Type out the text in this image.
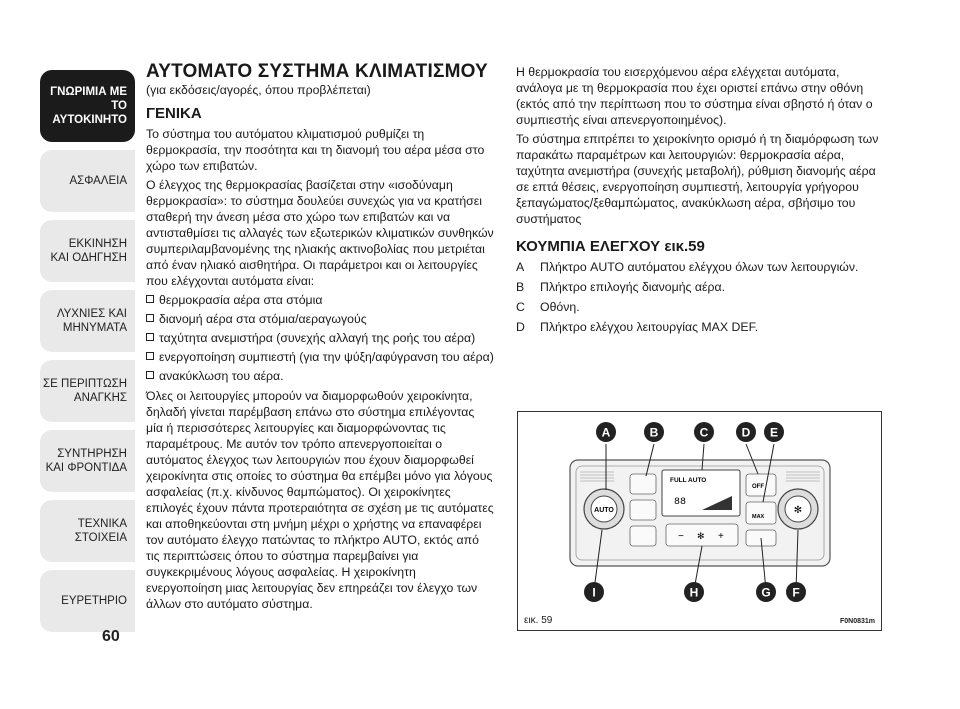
ΓΝΩΡΙΜΙΑ ΜΕ
ΤΟ ΑΥΤΟΚΙΝΗΤΟ
ΑΣΦΑΛΕΙΑ
ΕΚΚΙΝΗΣΗ
ΚΑΙ ΟΔΗΓΗΣΗ
ΛΥΧΝΙΕΣ ΚΑΙ
ΜΗΝΥΜΑΤΑ
ΣΕ ΠΕΡΙΠΤΩΣΗ
ΑΝΑΓΚΗΣ
ΣΥΝΤΗΡΗΣΗ
ΚΑΙ ΦΡΟΝΤΙΔΑ
ΤΕΧΝΙΚΑ
ΣΤΟΙΧΕΙΑ
ΕΥΡΕΤΗΡΙΟ
60
ΑΥΤΟΜΑΤΟ ΣΥΣΤΗΜΑ ΚΛΙΜΑΤΙΣΜΟΥ
(για εκδόσεις/αγορές, όπου προβλέπεται)
ΓΕΝΙΚΑ

Το σύστημα του αυτόματου κλιματισμού ρυθμίζει τη θερμοκρασία, την ποσότητα και τη διανομή του αέρα μέσα στο χώρο των επιβατών.

Ο έλεγχος της θερμοκρασίας βασίζεται στην «ισοδύναμη θερμοκρασία»: το σύστημα δουλεύει συνεχώς για να κρατήσει σταθερή την άνεση μέσα στο χώρο των επιβατών και να αντισταθμίσει τις αλλαγές των εξωτερικών κλιματικών συνθηκών συμπεριλαμβανομένης της ηλιακής ακτινοβολίας που μετριέται από έναν ηλιακό αισθητήρα. Οι παράμετροι και οι λειτουργίες που ελέγχονται αυτόματα είναι:

θερμοκρασία αέρα στα στόμια
διανομή αέρα στα στόμια/αεραγωγούς
ταχύτητα ανεμιστήρα (συνεχής αλλαγή της ροής του αέρα)
ενεργοποίηση συμπιεστή (για την ψύξη/αφύγρανση του αέρα)
ανακύκλωση του αέρα.

Όλες οι λειτουργίες μπορούν να διαμορφωθούν χειροκίνητα, δηλαδή γίνεται παρέμβαση επάνω στο σύστημα επιλέγοντας μία ή περισσότερες λειτουργίες και διαμορφώνοντας τις παραμέτρους. Με αυτόν τον τρόπο απενεργοποιείται ο αυτόματος έλεγχος των λειτουργιών που έχουν διαμορφωθεί χειροκίνητα στις οποίες το σύστημα θα επέμβει μόνο για λόγους ασφαλείας (π.χ. κίνδυνος θαμπώματος). Οι χειροκίνητες επιλογές έχουν πάντα προτεραιότητα σε σχέση με τις αυτόματες και αποθηκεύονται στη μνήμη μέχρι ο χρήστης να επαναφέρει τον αυτόματο έλεγχο πατώντας το πλήκτρο AUTO, εκτός από τις περιπτώσεις όπου το σύστημα παρεμβαίνει για συγκεκριμένους λόγους ασφαλείας. Η χειροκίνητη ενεργοποίηση μιας λειτουργίας δεν επηρεάζει τον έλεγχο των άλλων στο αυτόματο σύστημα.

Η θερμοκρασία του εισερχόμενου αέρα ελέγχεται αυτόματα, ανάλογα με τη θερμοκρασία που έχει οριστεί επάνω στην οθόνη (εκτός από την περίπτωση που το σύστημα είναι σβηστό ή όταν ο συμπιεστής είναι απενεργοποιημένος).

Το σύστημα επιτρέπει το χειροκίνητο ορισμό ή τη διαμόρφωση των παρακάτω παραμέτρων και λειτουργιών: θερμοκρασία αέρα, ταχύτητα ανεμιστήρα (συνεχής μεταβολή), ρύθμιση διανομής αέρα σε επτά θέσεις, ενεργοποίηση συμπιεστή, λειτουργία γρήγορου ξεπαγώματος/ξεθαμπώματος, ανακύκλωση αέρα, σβήσιμο του συστήματος

ΚΟΥΜΠΙΑ ΕΛΕΓΧΟΥ εικ.59
A	Πλήκτρο AUTO αυτόματου ελέγχου όλων των λειτουργιών.
B	Πλήκτρο επιλογής διανομής αέρα.
C	Οθόνη.
D	Πλήκτρο ελέγχου λειτουργίας MAX DEF.
AUTO
FULL AUTO
88
− ✻ +
OFF
MAX
✻
A	B	C	D E
I	H	G F
εικ. 59	F0N0831m
